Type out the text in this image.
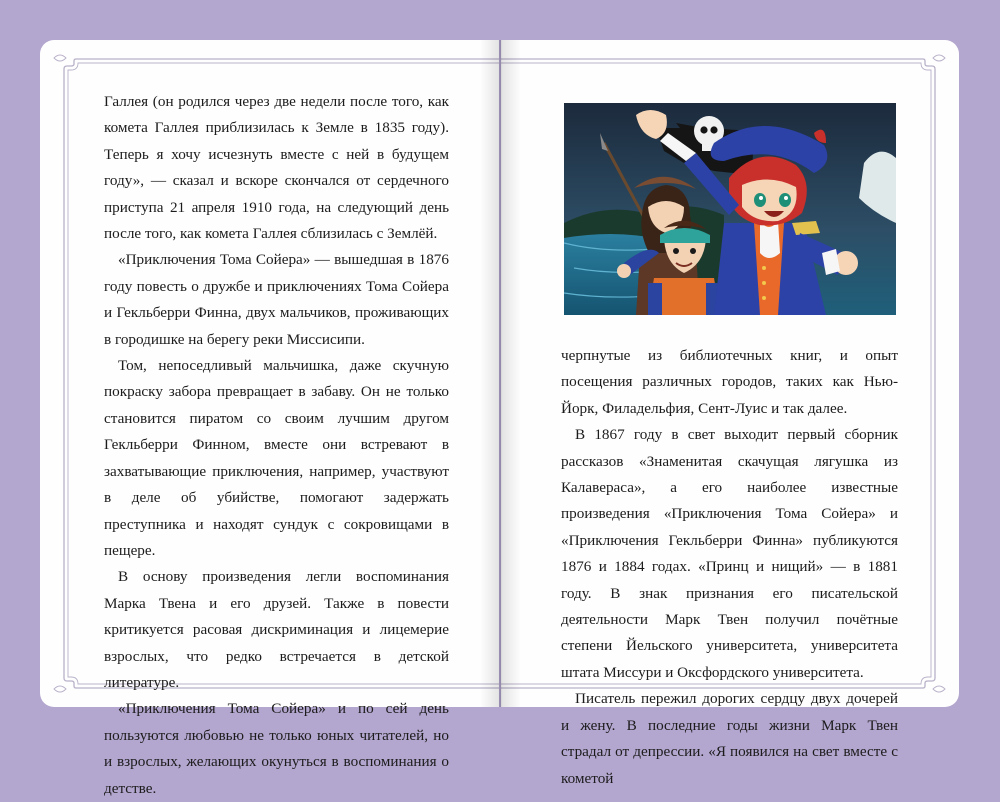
Галлея (он родился через две недели после того, как комета Галлея приблизилась к Земле в 1835 году). Теперь я хочу исчезнуть вместе с ней в будущем году», — сказал и вскоре скончался от сердечного приступа 21 апреля 1910 года, на следующий день после того, как комета Галлея сблизилась с Землёй.

«Приключения Тома Сойера» — вышедшая в 1876 году повесть о дружбе и приключениях Тома Сойера и Гекльберри Финна, двух мальчиков, проживающих в городишке на берегу реки Миссисипи.

Том, непоседливый мальчишка, даже скучную покраску забора превращает в забаву. Он не только становится пиратом со своим лучшим другом Гекльберри Финном, вместе они встревают в захватывающие приключения, например, участвуют в деле об убийстве, помогают задержать преступника и находят сундук с сокровищами в пещере.

В основу произведения легли воспоминания Марка Твена и его друзей. Также в повести критикуется расовая дискриминация и лицемерие взрослых, что редко встречается в детской литературе.

«Приключения Тома Сойера» и по сей день пользуются любовью не только юных читателей, но и взрослых, желающих окунуться в воспоминания о детстве.

черпнутые из библиотечных книг, и опыт посещения различных городов, таких как Нью-Йорк, Филадельфия, Сент-Луис и так далее.

В 1867 году в свет выходит первый сборник рассказов «Знаменитая скачущая лягушка из Калавераса», а его наиболее известные произведения «Приключения Тома Сойера» и «Приключения Гекльберри Финна» публикуются 1876 и 1884 годах. «Принц и нищий» — в 1881 году. В знак признания его писательской деятельности Марк Твен получил почётные степени Йельского университета, университета штата Миссури и Оксфордского университета.

Писатель пережил дорогих сердцу двух дочерей и жену. В последние годы жизни Марк Твен страдал от депрессии. «Я появился на свет вместе с кометой
